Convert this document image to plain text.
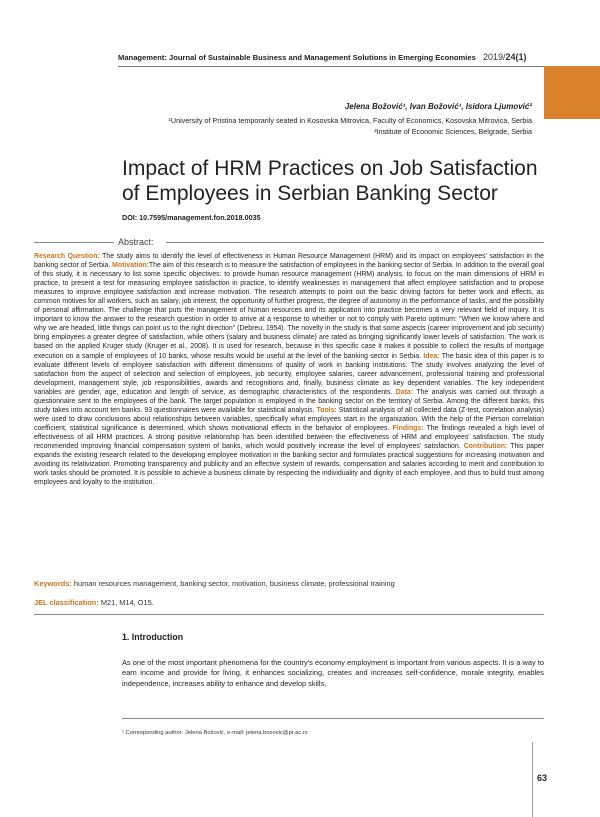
Management: Journal of Sustainable Business and Management Solutions in Emerging Economies 2019/24(1)
Jelena Božović¹, Ivan Božović¹, Isidora Ljumović²
¹University of Pristina temporarily seated in Kosovska Mitrovica, Faculty of Economics, Kosovska Mitrovica, Serbia
²Institute of Economic Sciences, Belgrade, Serbia
Impact of HRM Practices on Job Satisfaction
of Employees in Serbian Banking Sector
DOI: 10.7595/management.fon.2018.0035
Abstract:
Research Question: The study aims to identify the level of effectiveness in Human Resource Management (HRM) and its impact on employees' satisfaction in the banking sector of Serbia. Motivation:The aim of this research is to measure the satisfaction of employees in the banking sector of Serbia. In addition to the overall goal of this study, it is necessary to list some specific objectives: to provide human resource management (HRM) analysis, to focus on the main dimensions of HRM in practice, to present a test for measuring employee satisfaction in practice, to identify weaknesses in management that affect employee satisfaction and to propose measures to improve employee satisfaction and increase motivation. The research attempts to point out the basic driving factors for better work and effects, as common motives for all workers, such as salary, job interest, the opportunity of further progress, the degree of autonomy in the performance of tasks, and the possibility of personal affirmation. The challenge that puts the management of human resources and its application into practice becomes a very relevant field of inquiry. It is important to know the answer to the research question in order to arrive at a response to whether or not to comply with Pareto optimum: "When we know where and why we are headed, little things can point us to the right direction" (Debreu, 1954). The novelty in the study is that some aspects (career improvement and job security) bring employees a greater degree of satisfaction, while others (salary and business climate) are rated as bringing significantly lower levels of satisfaction. The work is based on the applied Kruger study (Kruger et al., 2008). It is used for research, because in this specific case it makes it possible to collect the results of mortgage execution on a sample of employees of 10 banks, whose results would be useful at the level of the banking sector in Serbia. Idea: The basic idea of this paper is to evaluate different levels of employee satisfaction with different dimensions of quality of work in banking institutions. The study involves analyzing the level of satisfaction from the aspect of selection and selection of employees, job security, employee salaries, career advancement, professional training and professional development, management style, job responsibilities, awards and recognitions and, finally, business climate as key dependent variables. The key independent variables are gender, age, education and length of service, as demographic characteristics of the respondents. Data: The analysis was carried out through a questionnaire sent to the employees of the bank. The target population is employed in the banking sector on the territory of Serbia. Among the different banks, this study takes into account ten banks. 93 questionnaires were available for statistical analysis. Tools: Statistical analysis of all collected data (Z-test, correlation analysis) were used to draw conclusions about relationships between variables, specifically what employees start in the organization. With the help of the Pierson correlation coefficient, statistical significance is determined, which shows motivational effects in the behavior of employees. Findings: The findings revealed a high level of effectiveness of all HRM practices. A strong positive relationship has been identified between the effectiveness of HRM and employees' satisfaction. The study recommended improving financial compensation system of banks, which would positively increase the level of employees' satisfaction. Contribution: This paper expands the existing research related to the developing employee motivation in the banking sector and formulates practical suggestions for increasing motivation and avoiding its relativization. Promoting transparency and publicity and an effective system of rewards, compensation and salaries according to merit and contribution to work tasks should be promoted. It is possible to achieve a business climate by respecting the individuality and dignity of each employee, and thus to build trust among employees and loyalty to the institution.
Keywords: human resources management, banking sector, motivation, business climate, professional training
JEL classification: M21, M14, O15.
1. Introduction
As one of the most important phenomena for the country's economy employment is important from various aspects. It is a way to earn income and provide for living, it enhances socializing, creates and increases self-confidence, morale integrity, enables independence, increases ability to enhance and develop skills,
¹ Corresponding author: Jelena Božović, e-mail: jelena.bozovic@pr.ac.rs
63
